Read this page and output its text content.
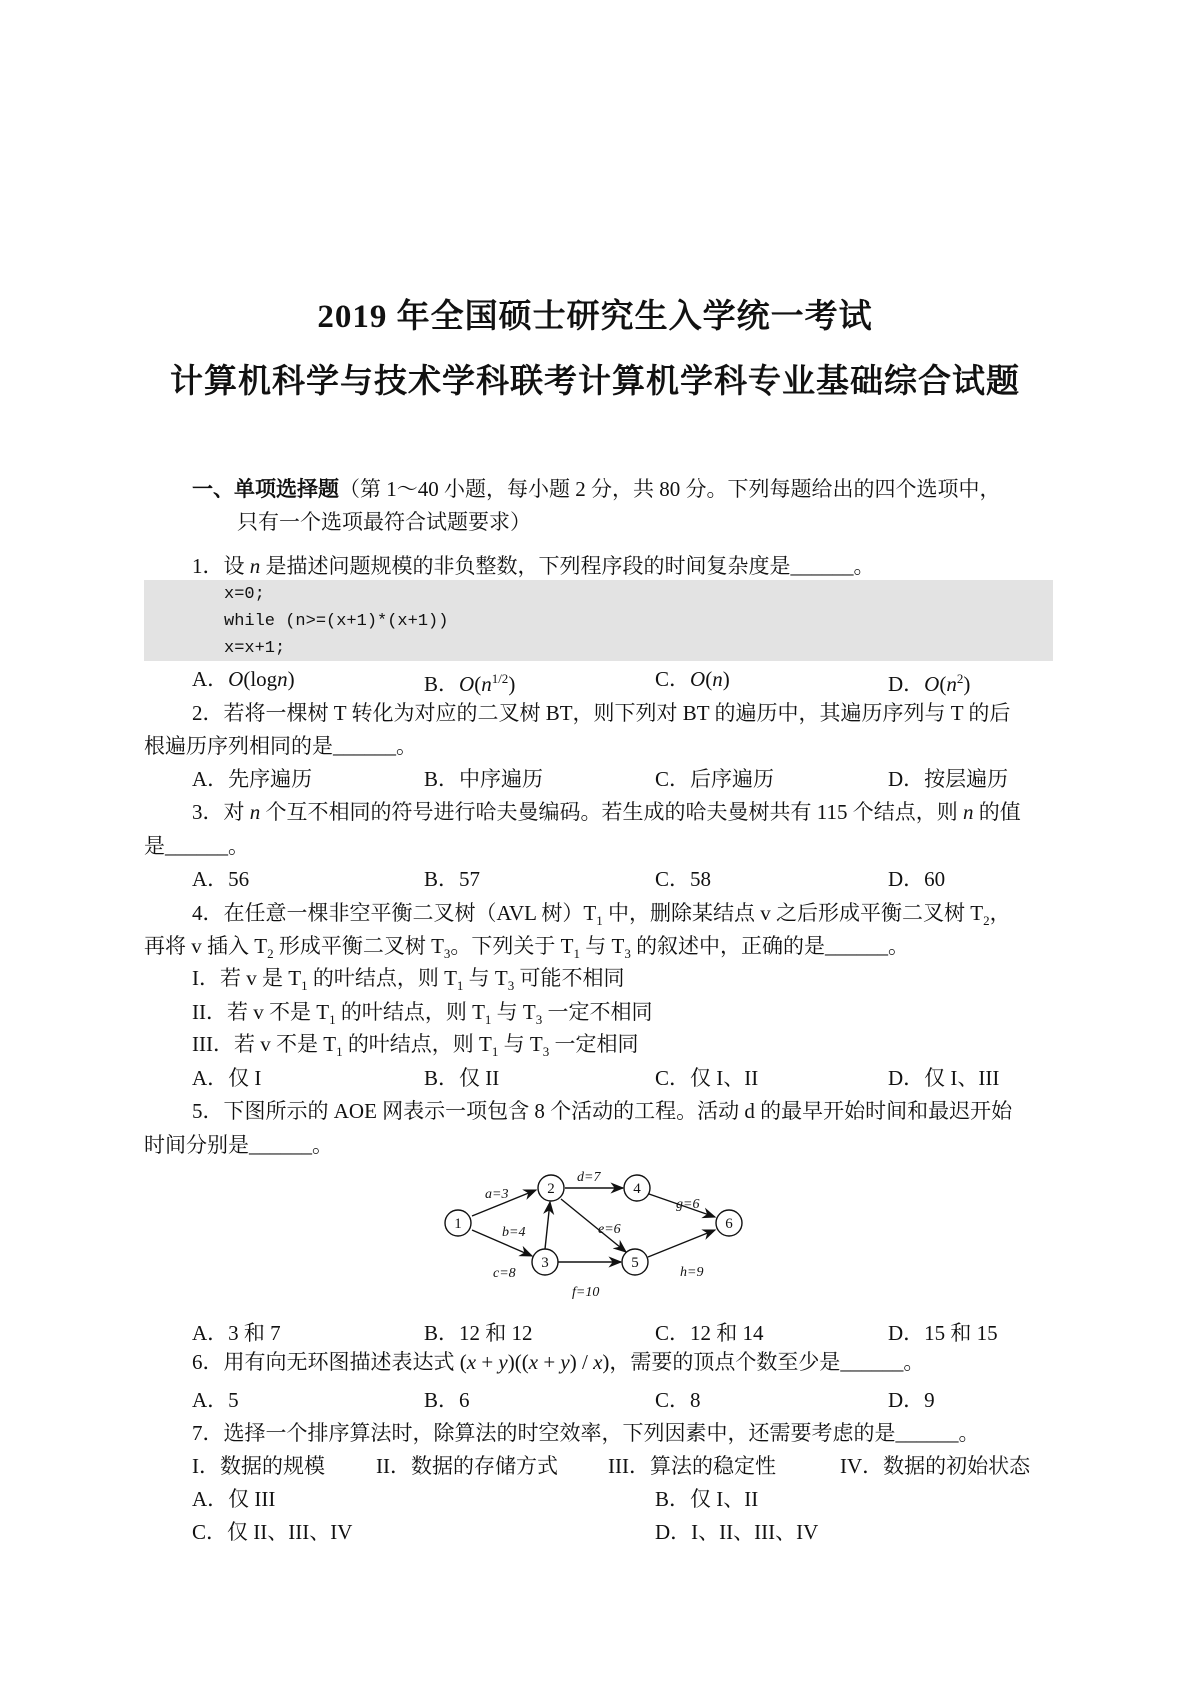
2019 年全国硕士研究生入学统一考试
计算机科学与技术学科联考计算机学科专业基础综合试题
一、单项选择题（第 1～40 小题，每小题 2 分，共 80 分。下列每题给出的四个选项中，
只有一个选项最符合试题要求）
x=0;
while (n>=(x+1)*(x+1))
x=x+1;
1
2
3
4
5
6
a=3
b=4
c=8
d=7
e=6
f=10
g=6
h=9
1．设 n 是描述问题规模的非负整数，下列程序段的时间复杂度是______。
A．O(logn)	B．$O(n^{1/2})$	C．O(n)	D．$O(n^2)$
2．若将一棵树 T 转化为对应的二叉树 BT，则下列对 BT 的遍历中，其遍历序列与 T 的后
根遍历序列相同的是______。
A．先序遍历	B．中序遍历	C．后序遍历	D．按层遍历
3．对 n 个互不相同的符号进行哈夫曼编码。若生成的哈夫曼树共有 115 个结点，则 n 的值
是______。
A．56	B．57	C．58	D．60
4．在任意一棵非空平衡二叉树（AVL 树）$T_1$ 中，删除某结点 v 之后形成平衡二叉树 $T_2$，
再将 v 插入 $T_2$ 形成平衡二叉树 $T_3$。下列关于 $T_1$ 与 $T_3$ 的叙述中，正确的是______。
I．若 v 是 $T_1$ 的叶结点，则 $T_1$ 与 $T_3$ 可能不相同
II．若 v 不是 $T_1$ 的叶结点，则 $T_1$ 与 $T_3$ 一定不相同
III．若 v 不是 $T_1$ 的叶结点，则 $T_1$ 与 $T_3$ 一定相同
A．仅 I	B．仅 II	C．仅 I、II	D．仅 I、III
5．下图所示的 AOE 网表示一项包含 8 个活动的工程。活动 d 的最早开始时间和最迟开始
时间分别是______。
A．3 和 7	B．12 和 12	C．12 和 14	D．15 和 15
6．用有向无环图描述表达式 (x + y)((x + y) / x)，需要的顶点个数至少是______。
A．5	B．6	C．8	D．9
7．选择一个排序算法时，除算法的时空效率，下列因素中，还需要考虑的是______。
I．数据的规模 II．数据的存储方式 III．算法的稳定性	IV．数据的初始状态
A．仅 III	B．仅 I、II
C．仅 II、III、IV	D．I、II、III、IV
